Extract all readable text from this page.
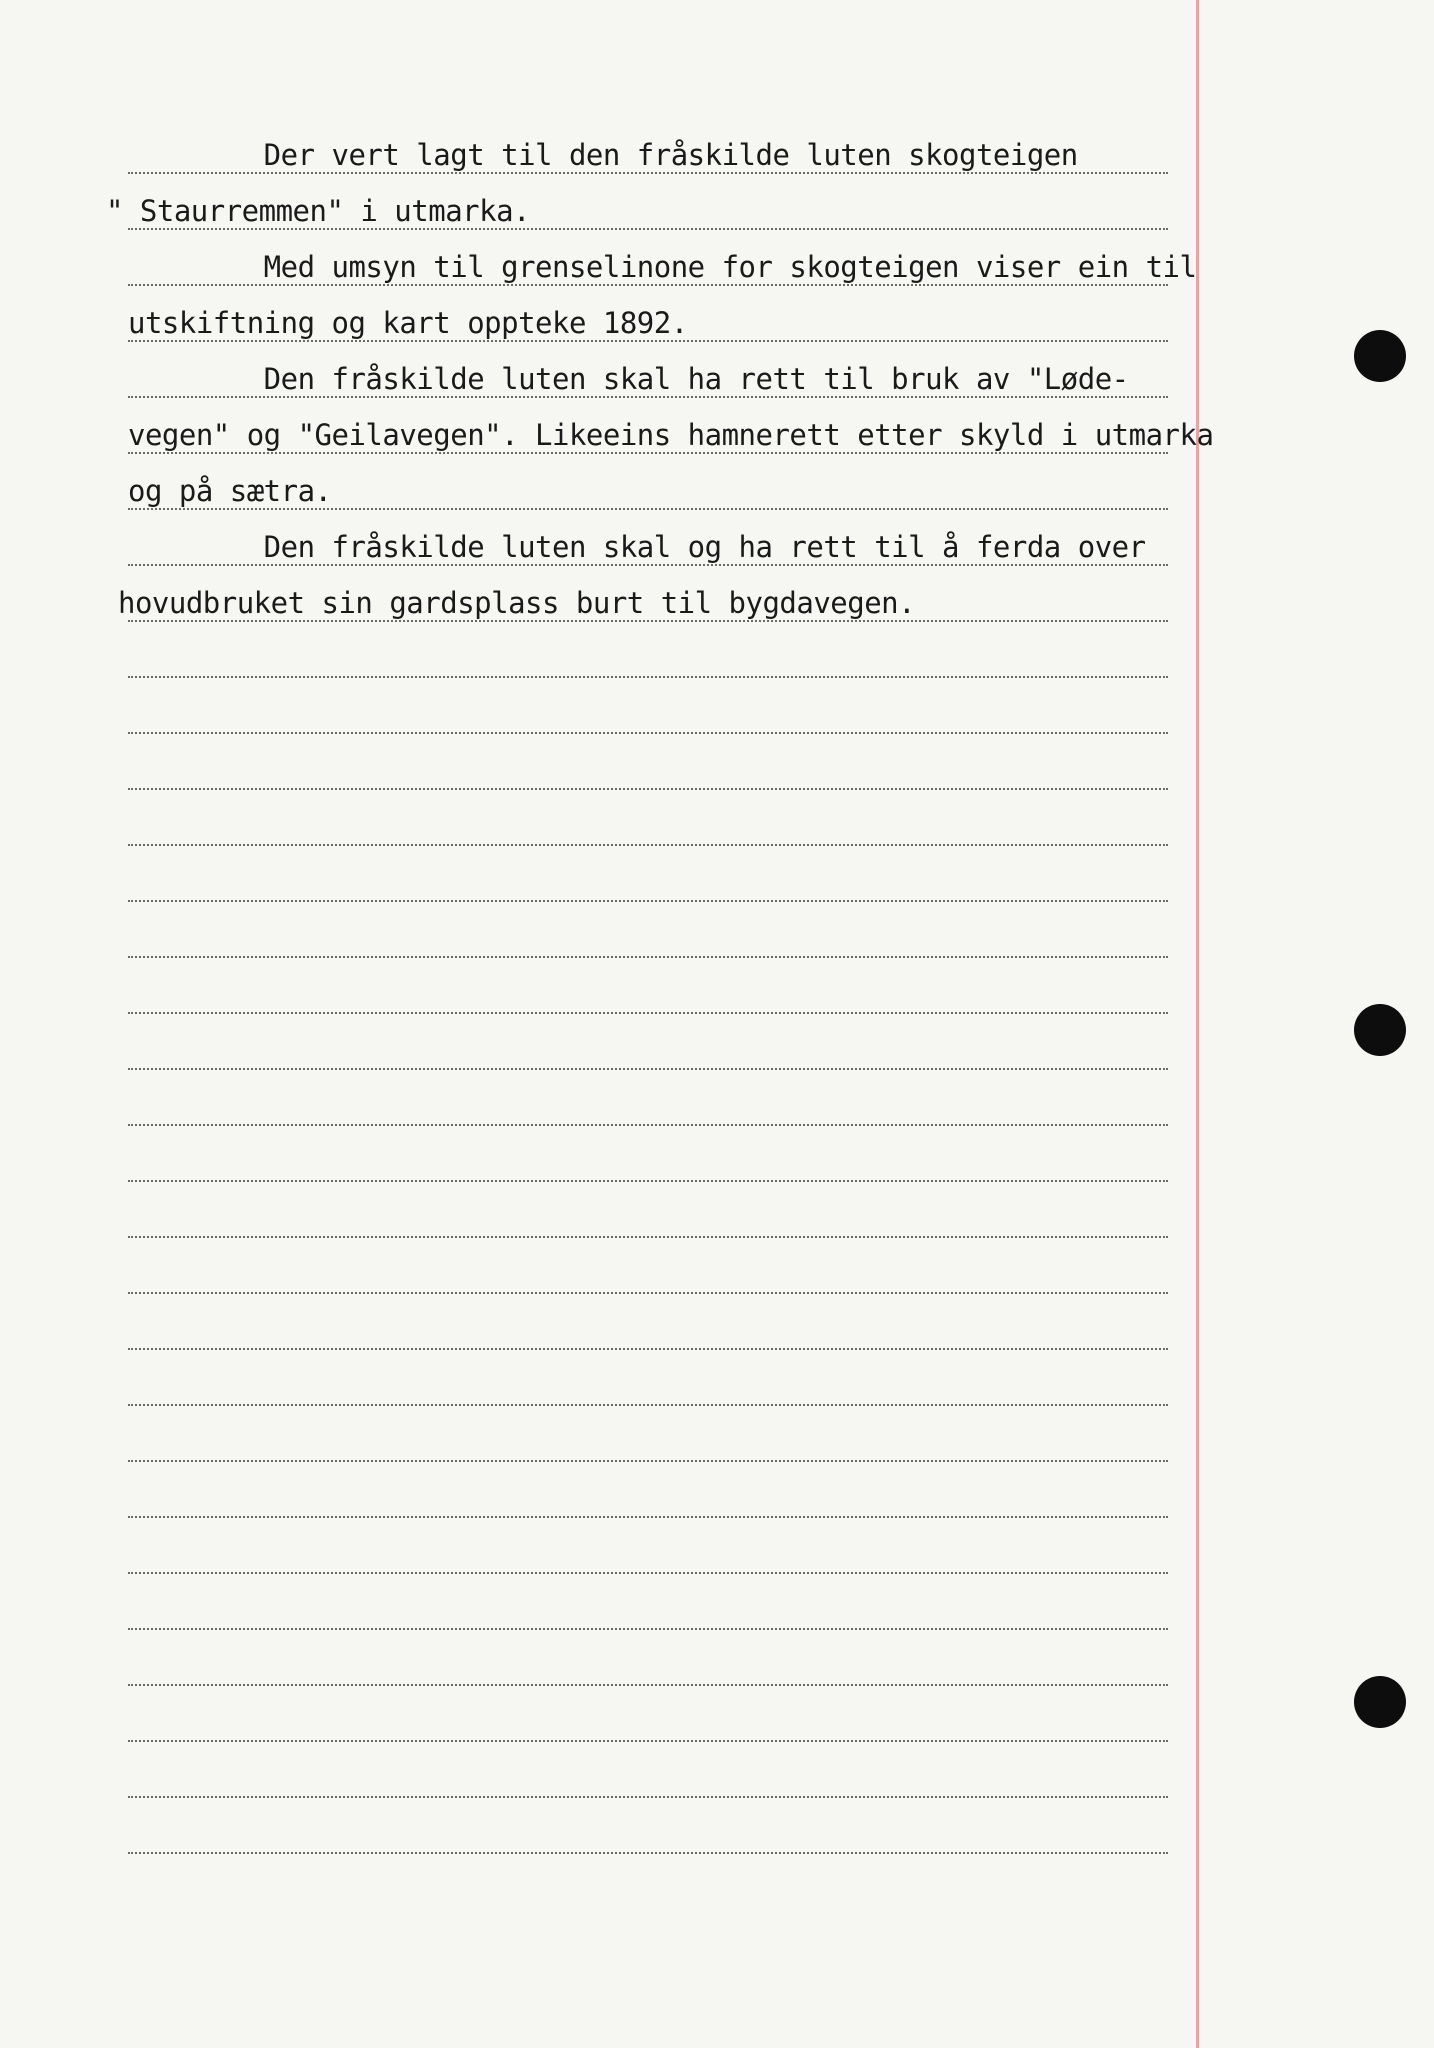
Der vert lagt til den fråskilde luten skogteigen
" Staurremmen" i utmarka.
Med umsyn til grenselinone for skogteigen viser ein til
utskiftning og kart oppteke 1892.
Den fråskilde luten skal ha rett til bruk av "Løde-
vegen" og "Geilavegen". Likeeins hamnerett etter skyld i utmarka
og på sætra.
Den fråskilde luten skal og ha rett til å ferda over
hovudbruket sin gardsplass burt til bygdavegen.
